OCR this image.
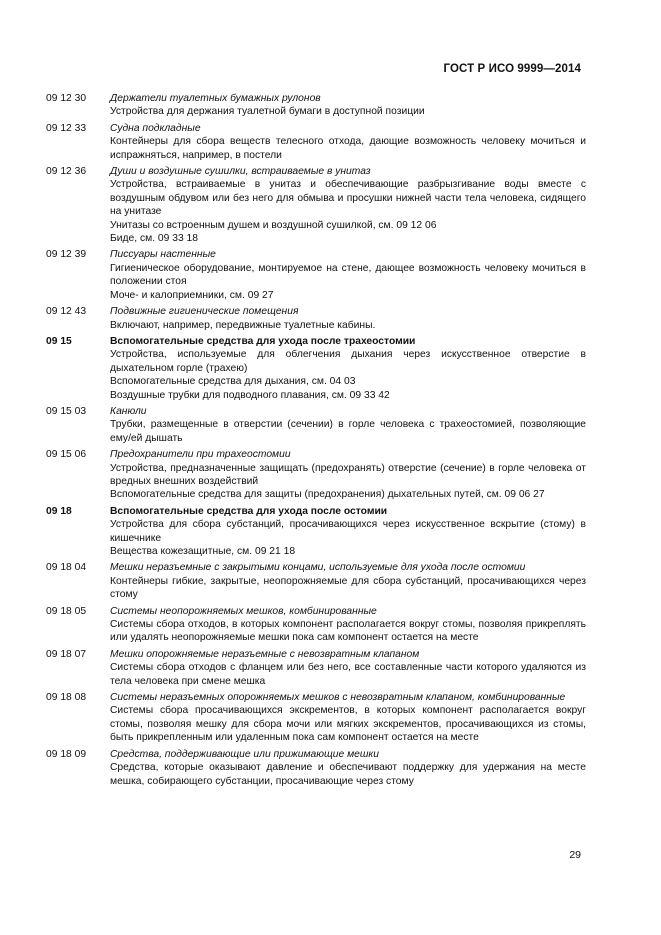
ГОСТ Р ИСО 9999—2014
09 12 30	Держатели туалетных бумажных рулонов
Устройства для держания туалетной бумаги в доступной позиции
09 12 33	Судна подкладные
Контейнеры для сбора веществ телесного отхода, дающие возможность человеку мочиться и испражняться, например, в постели
09 12 36	Души и воздушные сушилки, встраиваемые в унитаз
Устройства, встраиваемые в унитаз и обеспечивающие разбрызгивание воды вместе с воздушным обдувом или без него для обмыва и просушки нижней части тела человека, сидящего на унитазе
Унитазы со встроенным душем и воздушной сушилкой, см. 09 12 06
Биде, см. 09 33 18
09 12 39	Писсуары настенные
Гигиеническое оборудование, монтируемое на стене, дающее возможность человеку мочиться в положении стоя
Моче- и калоприемники, см. 09 27
09 12 43	Подвижные гигиенические помещения
Включают, например, передвижные туалетные кабины.
09 15	Вспомогательные средства для ухода после трахеостомии
Устройства, используемые для облегчения дыхания через искусственное отверстие в дыхательном горле (трахею)
Вспомогательные средства для дыхания, см. 04 03
Воздушные трубки для подводного плавания, см. 09 33 42
09 15 03	Канюли
Трубки, размещенные в отверстии (сечении) в горле человека с трахеостомией, позволяющие ему/ей дышать
09 15 06	Предохранители при трахеостомии
Устройства, предназначенные защищать (предохранять) отверстие (сечение) в горле человека от вредных внешних воздействий
Вспомогательные средства для защиты (предохранения) дыхательных путей, см. 09 06 27
09 18	Вспомогательные средства для ухода после остомии
Устройства для сбора субстанций, просачивающихся через искусственное вскрытие (стому) в кишечнике
Вещества кожезащитные, см. 09 21 18
09 18 04	Мешки неразъемные с закрытыми концами, используемые для ухода после остомии
Контейнеры гибкие, закрытые, неопорожняемые для сбора субстанций, просачивающихся через стому
09 18 05	Системы неопорожняемых мешков, комбинированные
Системы сбора отходов, в которых компонент располагается вокруг стомы, позволяя прикреплять или удалять неопорожняемые мешки пока сам компонент остается на месте
09 18 07	Мешки опорожняемые неразъемные с невозвратным клапаном
Системы сбора отходов с фланцем или без него, все составленные части которого удаляются из тела человека при смене мешка
09 18 08	Системы неразъемных опорожняемых мешков с невозвратным клапаном, комбинированные
Системы сбора просачивающихся экскрементов, в которых компонент располагается вокруг стомы, позволяя мешку для сбора мочи или мягких экскрементов, просачивающихся из стомы, быть прикрепленным или удаленным пока сам компонент остается на месте
09 18 09	Средства, поддерживающие или прижимающие мешки
Средства, которые оказывают давление и обеспечивают поддержку для удержания на месте мешка, собирающего субстанции, просачивающие через стому
29
